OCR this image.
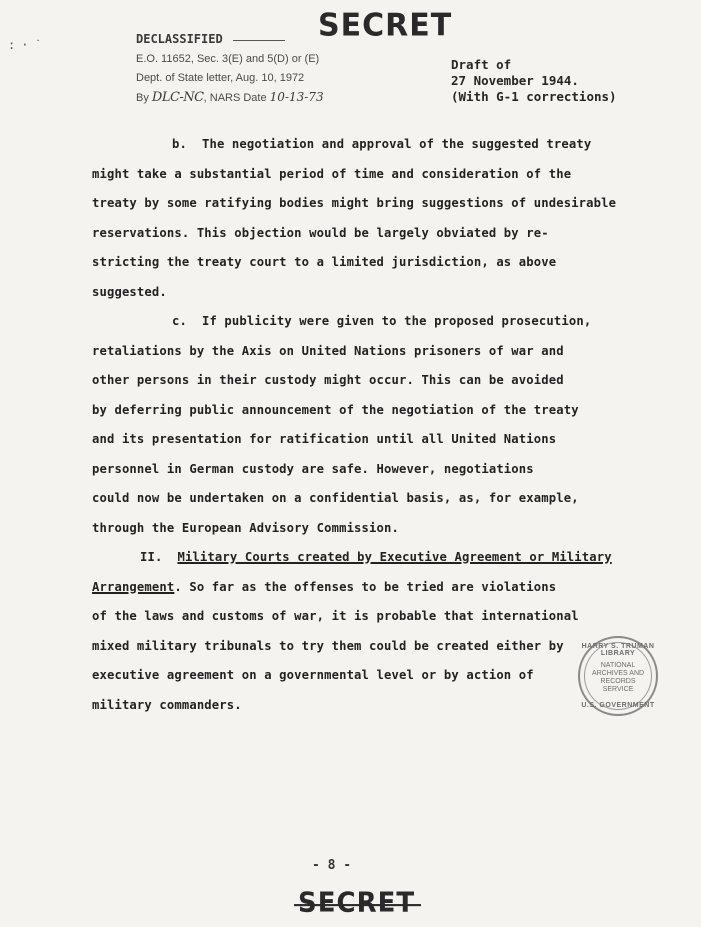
:·˙
SECRET
DECLASSIFIED
E.O. 11652, Sec. 3(E) and 5(D) or (E)
Dept. of State letter, Aug. 10, 1972
By DLC-NC, NARS Date 10-13-73
Draft of
27 November 1944.
(With G-1 corrections)

b. The negotiation and approval of the suggested treaty
might take a substantial period of time and consideration of the
treaty by some ratifying bodies might bring suggestions of undesirable
reservations. This objection would be largely obviated by re-
stricting the treaty court to a limited jurisdiction, as above
suggested.

c. If publicity were given to the proposed prosecution,
retaliations by the Axis on United Nations prisoners of war and
other persons in their custody might occur. This can be avoided
by deferring public announcement of the negotiation of the treaty
and its presentation for ratification until all United Nations
personnel in German custody are safe. However, negotiations
could now be undertaken on a confidential basis, as, for example,
through the European Advisory Commission.

II. Military Courts created by Executive Agreement or Military
Arrangement. So far as the offenses to be tried are violations
of the laws and customs of war, it is probable that international
mixed military tribunals to try them could be created either by
executive agreement on a governmental level or by action of
military commanders.

HARRY S. TRUMAN LIBRARY
NATIONAL
ARCHIVES AND
RECORDS
SERVICE
U.S. GOVERNMENT
- 8 -
SECRET
